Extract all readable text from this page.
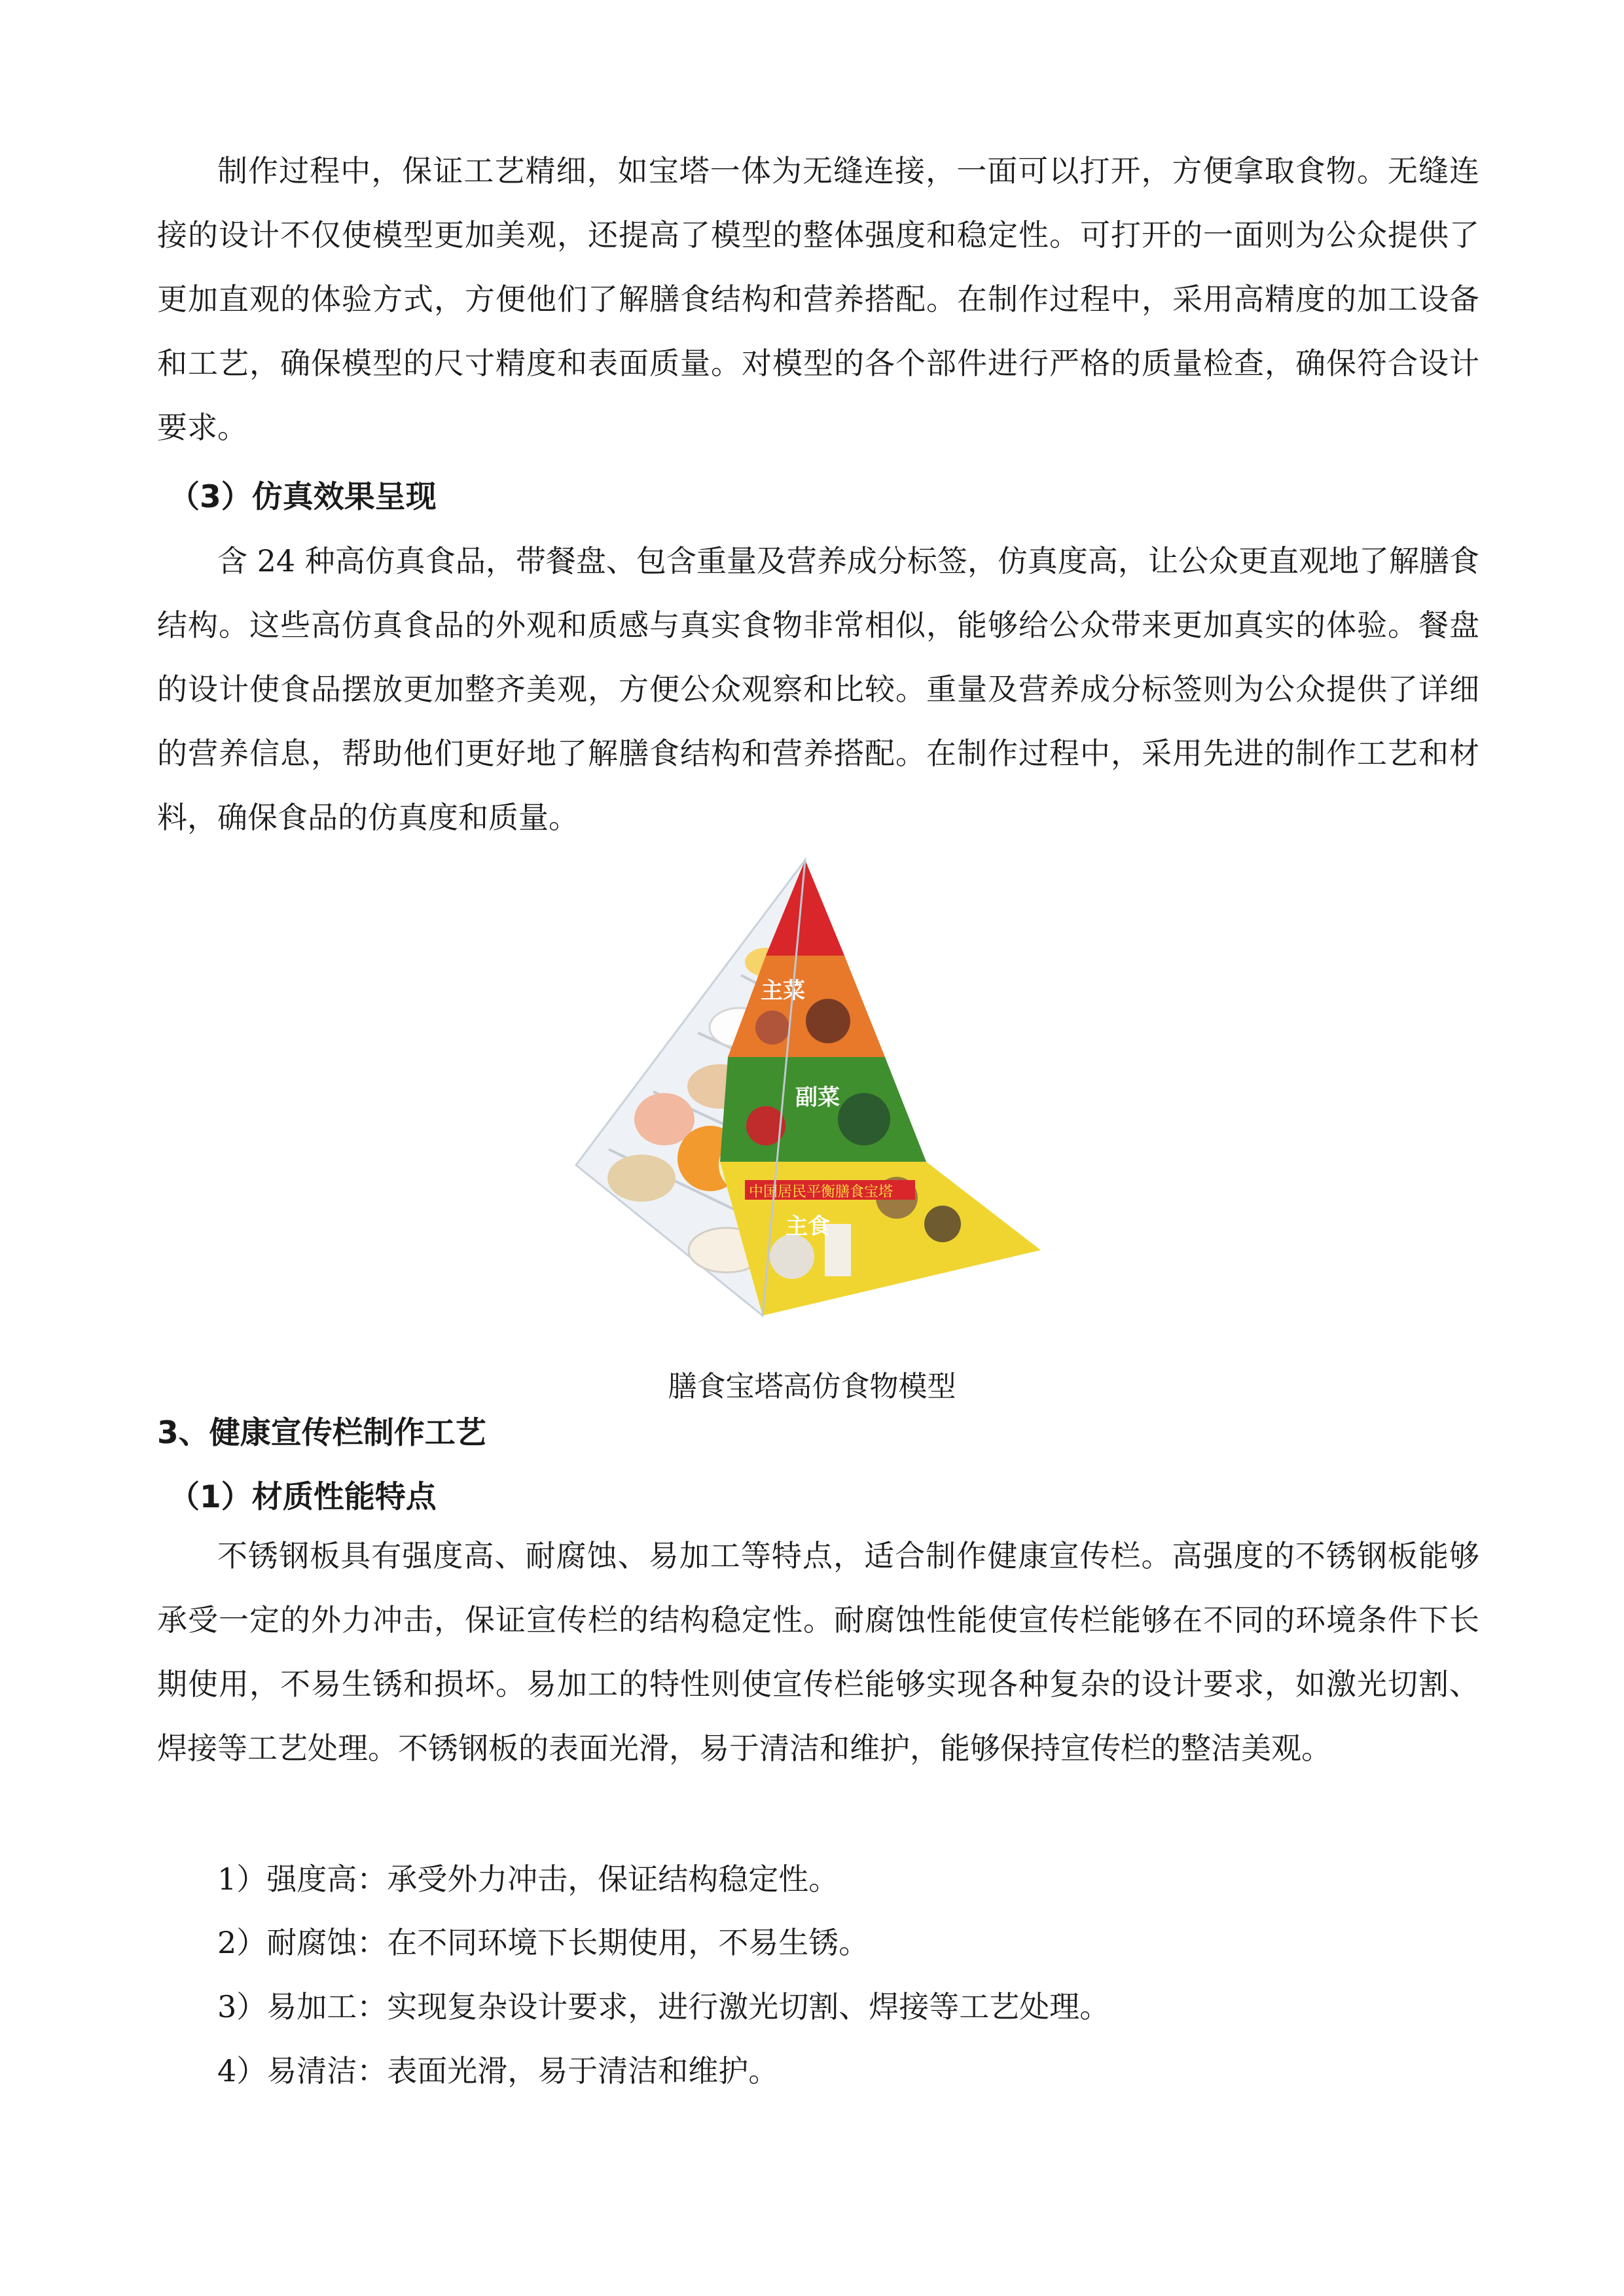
制作过程中，保证工艺精细，如宝塔一体为无缝连接，一面可以打开，方便拿取食物。无缝连接的设计不仅使模型更加美观，还提高了模型的整体强度和稳定性。可打开的一面则为公众提供了更加直观的体验方式，方便他们了解膳食结构和营养搭配。在制作过程中，采用高精度的加工设备和工艺，确保模型的尺寸精度和表面质量。对模型的各个部件进行严格的质量检查，确保符合设计要求。

（3）仿真效果呈现

含 24 种高仿真食品，带餐盘、包含重量及营养成分标签，仿真度高，让公众更直观地了解膳食结构。这些高仿真食品的外观和质感与真实食物非常相似，能够给公众带来更加真实的体验。餐盘的设计使食品摆放更加整齐美观，方便公众观察和比较。重量及营养成分标签则为公众提供了详细的营养信息，帮助他们更好地了解膳食结构和营养搭配。在制作过程中，采用先进的制作工艺和材料，确保食品的仿真度和质量。

主菜
副菜
中国居民平衡膳食宝塔
主食

膳食宝塔高仿食物模型

3、健康宣传栏制作工艺

（1）材质性能特点

不锈钢板具有强度高、耐腐蚀、易加工等特点，适合制作健康宣传栏。高强度的不锈钢板能够承受一定的外力冲击，保证宣传栏的结构稳定性。耐腐蚀性能使宣传栏能够在不同的环境条件下长期使用，不易生锈和损坏。易加工的特性则使宣传栏能够实现各种复杂的设计要求，如激光切割、焊接等工艺处理。不锈钢板的表面光滑，易于清洁和维护，能够保持宣传栏的整洁美观。

1）强度高：承受外力冲击，保证结构稳定性。

2）耐腐蚀：在不同环境下长期使用，不易生锈。

3）易加工：实现复杂设计要求，进行激光切割、焊接等工艺处理。

4）易清洁：表面光滑，易于清洁和维护。
